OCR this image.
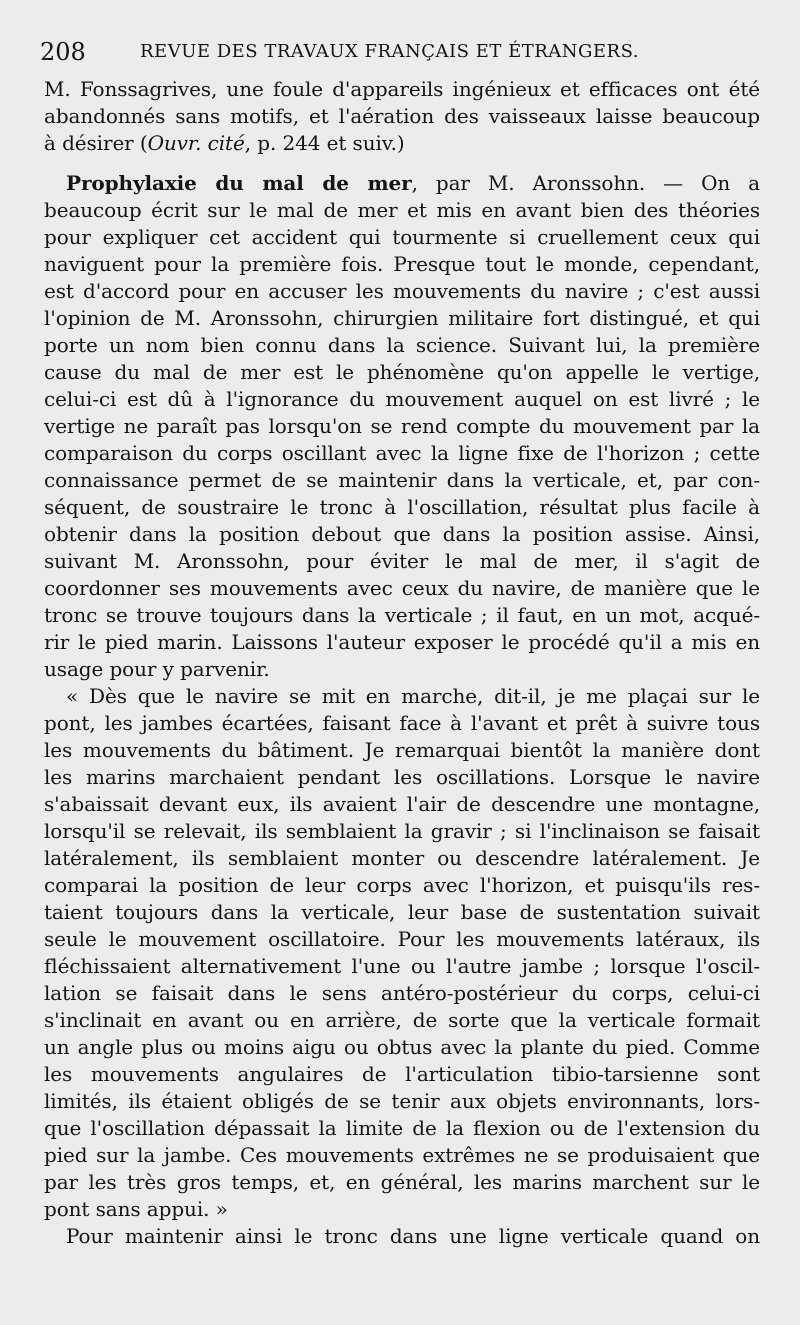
208	REVUE DES TRAVAUX FRANÇAIS ET ÉTRANGERS.
M. Fonssagrives, une foule d'appareils ingénieux et efficaces ont été
abandonnés sans motifs, et l'aération des vaisseaux laisse beaucoup
à désirer (Ouvr. cité, p. 244 et suiv.)
Prophylaxie du mal de mer, par M. Aronssohn. — On a
beaucoup écrit sur le mal de mer et mis en avant bien des théories
pour expliquer cet accident qui tourmente si cruellement ceux qui
naviguent pour la première fois. Presque tout le monde, cependant,
est d'accord pour en accuser les mouvements du navire ; c'est aussi
l'opinion de M. Aronssohn, chirurgien militaire fort distingué, et qui
porte un nom bien connu dans la science. Suivant lui, la première
cause du mal de mer est le phénomène qu'on appelle le vertige,
celui-ci est dû à l'ignorance du mouvement auquel on est livré ; le
vertige ne paraît pas lorsqu'on se rend compte du mouvement par la
comparaison du corps oscillant avec la ligne fixe de l'horizon ; cette
connaissance permet de se maintenir dans la verticale, et, par con-
séquent, de soustraire le tronc à l'oscillation, résultat plus facile à
obtenir dans la position debout que dans la position assise. Ainsi,
suivant M. Aronssohn, pour éviter le mal de mer, il s'agit de
coordonner ses mouvements avec ceux du navire, de manière que le
tronc se trouve toujours dans la verticale ; il faut, en un mot, acqué-
rir le pied marin. Laissons l'auteur exposer le procédé qu'il a mis en
usage pour y parvenir.
« Dès que le navire se mit en marche, dit-il, je me plaçai sur le
pont, les jambes écartées, faisant face à l'avant et prêt à suivre tous
les mouvements du bâtiment. Je remarquai bientôt la manière dont
les marins marchaient pendant les oscillations. Lorsque le navire
s'abaissait devant eux, ils avaient l'air de descendre une montagne,
lorsqu'il se relevait, ils semblaient la gravir ; si l'inclinaison se faisait
latéralement, ils semblaient monter ou descendre latéralement. Je
comparai la position de leur corps avec l'horizon, et puisqu'ils res-
taient toujours dans la verticale, leur base de sustentation suivait
seule le mouvement oscillatoire. Pour les mouvements latéraux, ils
fléchissaient alternativement l'une ou l'autre jambe ; lorsque l'oscil-
lation se faisait dans le sens antéro-postérieur du corps, celui-ci
s'inclinait en avant ou en arrière, de sorte que la verticale formait
un angle plus ou moins aigu ou obtus avec la plante du pied. Comme
les mouvements angulaires de l'articulation tibio-tarsienne sont
limités, ils étaient obligés de se tenir aux objets environnants, lors-
que l'oscillation dépassait la limite de la flexion ou de l'extension du
pied sur la jambe. Ces mouvements extrêmes ne se produisaient que
par les très gros temps, et, en général, les marins marchent sur le
pont sans appui. »
Pour maintenir ainsi le tronc dans une ligne verticale quand on
